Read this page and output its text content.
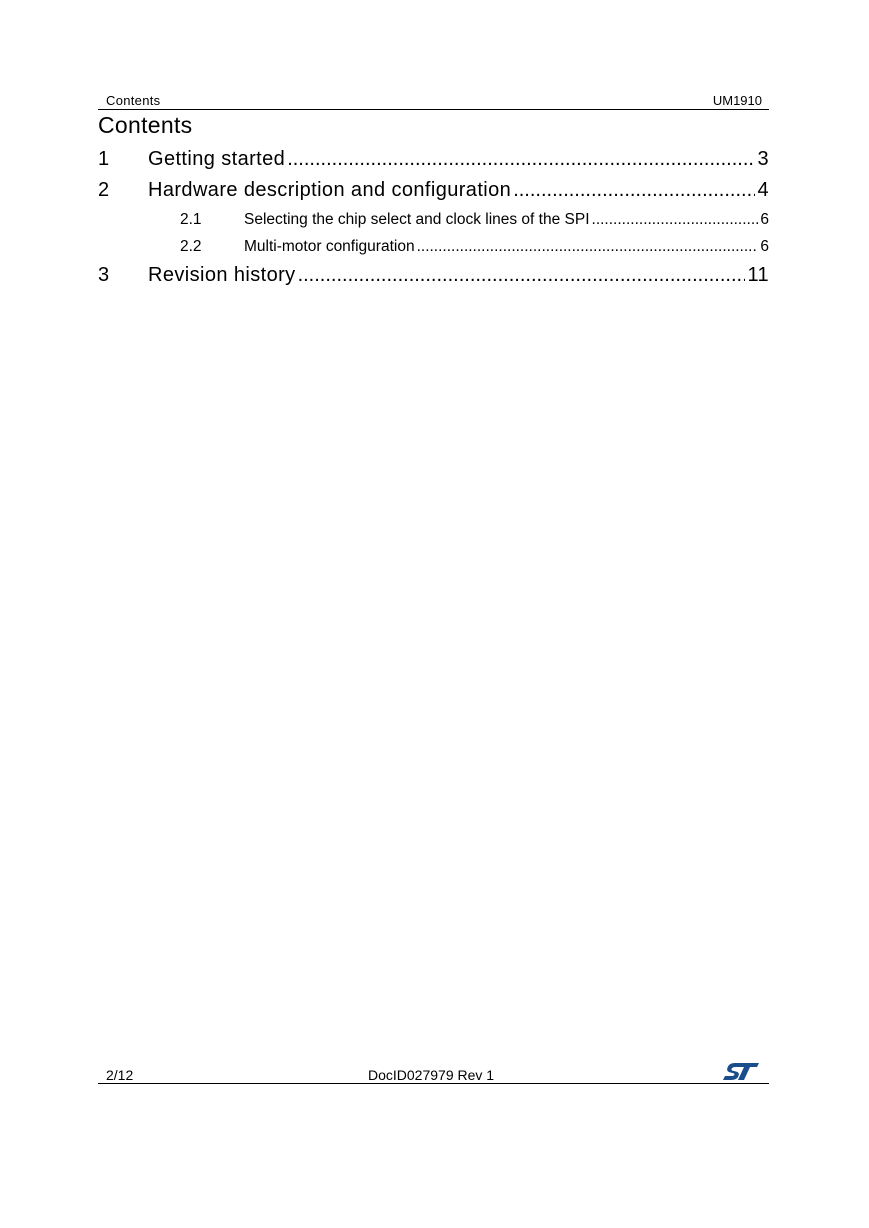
Contents	UM1910
Contents
1	Getting started .....	3
2	Hardware description and configuration .....	4
2.1	Selecting the chip select and clock lines of the SPI .....	6
2.2	Multi-motor configuration .....	6
3	Revision history .....	11
2/12	DocID027979 Rev 1
